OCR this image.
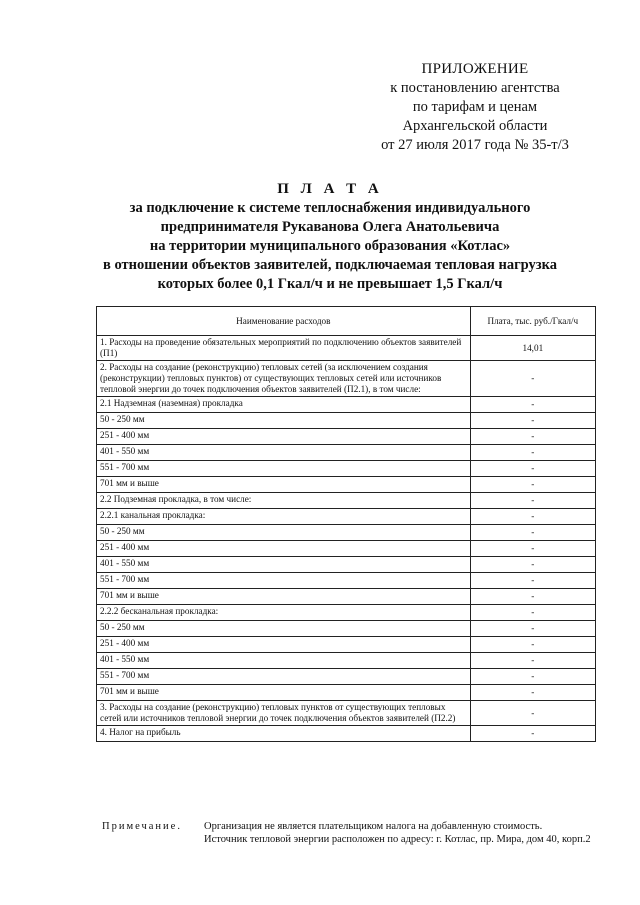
ПРИЛОЖЕНИЕ
к постановлению агентства
по тарифам и ценам
Архангельской области
от 27 июля 2017 года № 35-т/3
П Л А Т А
за подключение к системе теплоснабжения индивидуального
предпринимателя Рукаванова Олега Анатольевича
на территории муниципального образования «Котлас»
в отношении объектов заявителей, подключаемая тепловая нагрузка
которых более 0,1 Гкал/ч и не превышает 1,5 Гкал/ч
Наименование расходов	Плата, тыс. руб./Гкал/ч
1. Расходы на проведение обязательных мероприятий по подключению объектов заявителей (П1)	14,01
2. Расходы на создание (реконструкцию) тепловых сетей (за исключением создания (реконструкции) тепловых пунктов) от существующих тепловых сетей или источников тепловой энергии до точек подключения объектов заявителей (П2.1), в том числе:	-
2.1 Надземная (наземная) прокладка	-
50 - 250 мм	-
251 - 400 мм	-
401 - 550 мм	-
551 - 700 мм	-
701 мм и выше	-
2.2 Подземная прокладка, в том числе:	-
2.2.1 канальная прокладка:	-
50 - 250 мм	-
251 - 400 мм	-
401 - 550 мм	-
551 - 700 мм	-
701 мм и выше	-
2.2.2 бесканальная прокладка:	-
50 - 250 мм	-
251 - 400 мм	-
401 - 550 мм	-
551 - 700 мм	-
701 мм и выше	-
3. Расходы на создание (реконструкцию) тепловых пунктов от существующих тепловых сетей или источников тепловой энергии до точек подключения объектов заявителей (П2.2)	-
4. Налог на прибыль	-
Примечание. Организация не является плательщиком налога на добавленную стоимость.
Источник тепловой энергии расположен по адресу: г. Котлас, пр. Мира, дом 40, корп.2
